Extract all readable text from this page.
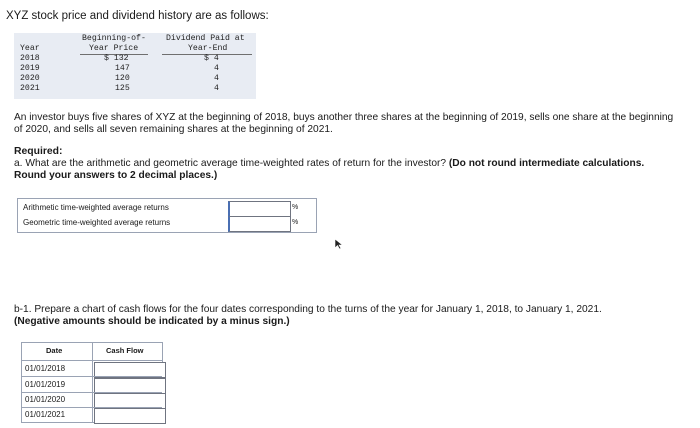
XYZ stock price and dividend history are as follows:
Year
Beginning-of-
Year Price
Dividend Paid at
Year-End
2018	$ 132	$ 4
2019	147	4
2020	120	4
2021	125	4
An investor buys five shares of XYZ at the beginning of 2018, buys another three shares at the beginning of 2019, sells one share at the beginning of 2020, and sells all seven remaining shares at the beginning of 2021.
Required:
a. What are the arithmetic and geometric average time-weighted rates of return for the investor? (Do not round intermediate calculations. Round your answers to 2 decimal places.)
Arithmetic time-weighted average returns	%
Geometric time-weighted average returns	%
b-1. Prepare a chart of cash flows for the four dates corresponding to the turns of the year for January 1, 2018, to January 1, 2021.
(Negative amounts should be indicated by a minus sign.)
Date	Cash Flow
01/01/2018
01/01/2019
01/01/2020
01/01/2021
